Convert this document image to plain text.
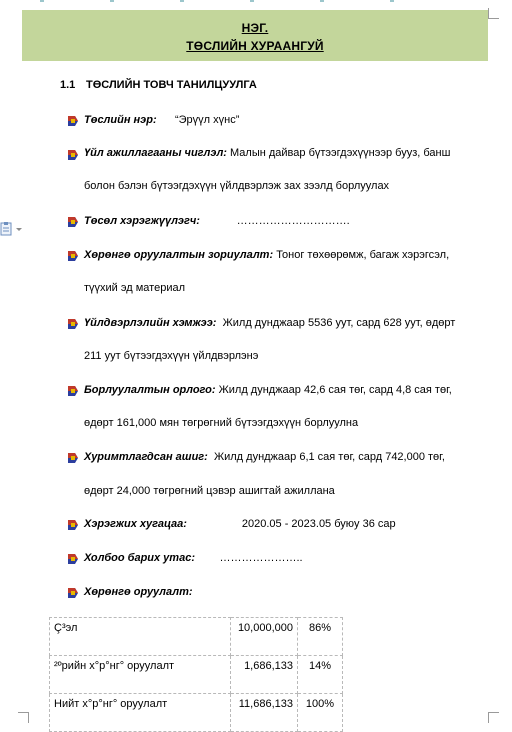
НЭГ.
ТӨСЛИЙН ХУРААНГУЙ
1.1 ТӨСЛИЙН ТОВЧ ТАНИЛЦУУЛГА
Төслийн нэр: “Эрүүл хүнс”
Үйл ажиллагааны чиглэл: Малын дайвар бүтээгдэхүүнээр бууз, банш
болон бэлэн бүтээгдэхүүн үйлдвэрлэж зах зээлд борлуулах
Төсөл хэрэгжүүлэгч:	………………………….
Хөрөнгө оруулалтын зориулалт: Тоног төхөөрөмж, багаж хэрэгсэл,
түүхий эд материал
Үйлдвэрлэлийн хэмжээ: Жилд дунджаар 5536 уут, сард 628 уут, өдөрт
211 уут бүтээгдэхүүн үйлдвэрлэнэ
Борлуулалтын орлого: Жилд дунджаар 42,6 сая төг, сард 4,8 сая төг,
өдөрт 161,000 мян төгрөгний бүтээгдэхүүн борлуулна
Хуримтлагдсан ашиг: Жилд дунджаар 6,1 сая төг, сард 742,000 төг,
өдөрт 24,000 төгрөгний цэвэр ашигтай ажиллана
Хэрэгжих хугацаа:	2020.05 - 2023.05 буюу 36 сар
Холбоо барих утас: …………………..
Хөрөнгө оруулалт:
Ç³эл	10,000,000	86%
²ºрийн х°р°нг° оруулалт	1,686,133	14%
Нийт х°р°нг° оруулалт	11,686,133	100%
